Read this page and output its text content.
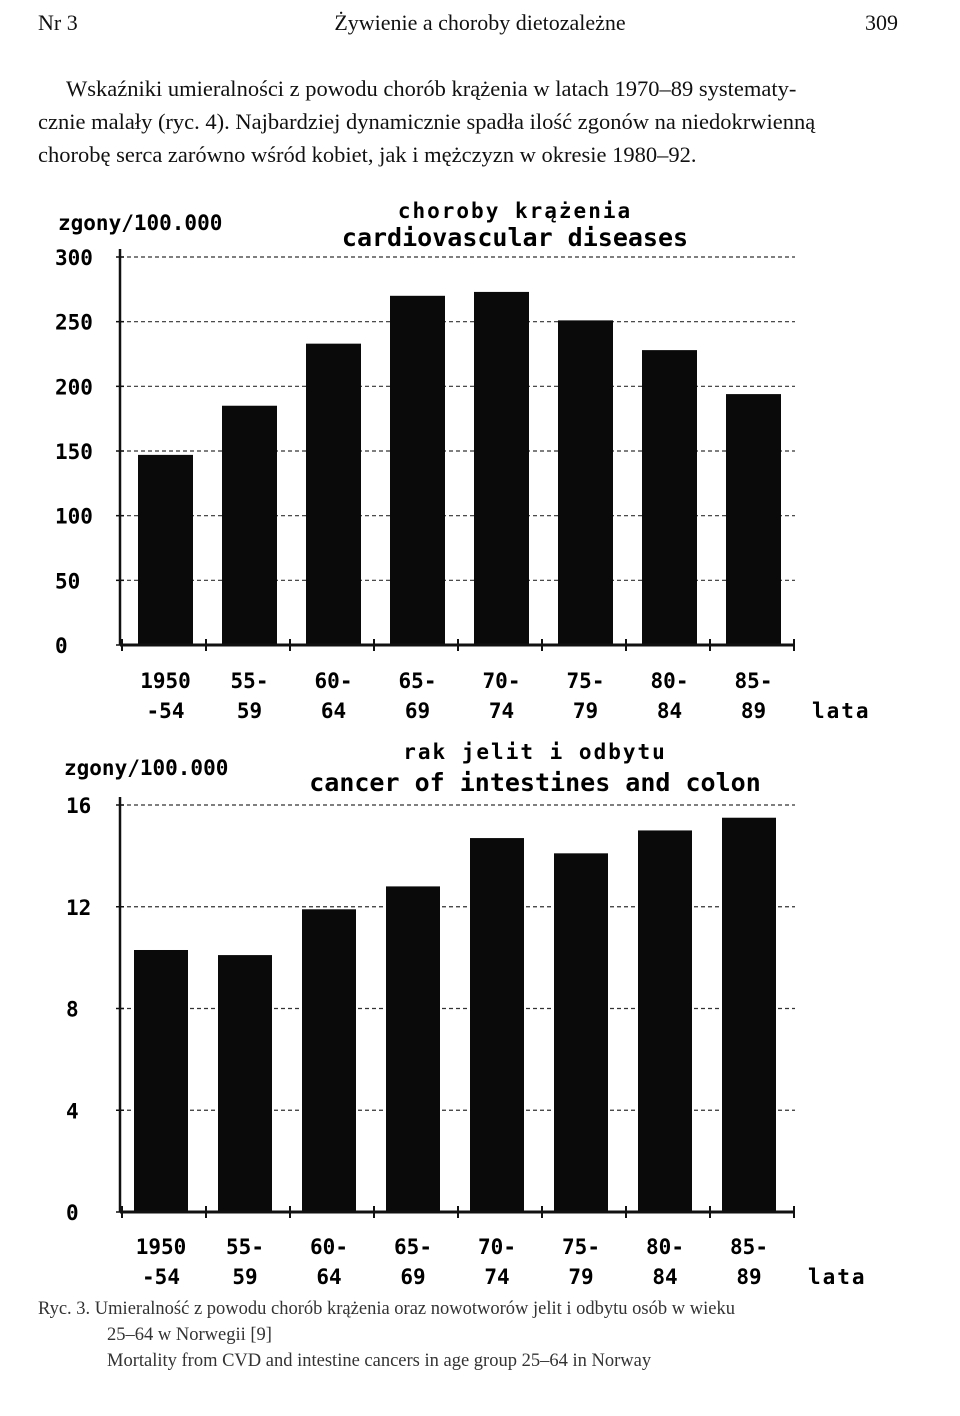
Nr 3	Żywienie a choroby dietozależne	309
Wskaźniki umieralności z powodu chorób krążenia w latach 1970–89 systematy-
cznie malały (ryc. 4). Najbardziej dynamicznie spadła ilość zgonów na niedokrwienną
chorobę serca zarówno wśród kobiet, jak i mężczyzn w okresie 1980–92.
choroby krążenia
cardiovascular diseases
zgony/100.000
0
50
100
150
200
250
300
1950
-54
55-
59
60-
64
65-
69
70-
74
75-
79
80-
84
85-
89 lata
rak jelit i odbytu
cancer of intestines and colon
zgony/100.000
0
4
8
12
16
1950
-54
55-
59
60-
64
65-
69
70-
74
75-
79
80-
84
85-
89 lata
Ryc. 3. Umieralność z powodu chorób krążenia oraz nowotworów jelit i odbytu osób w wieku
25–64 w Norwegii [9]
Mortality from CVD and intestine cancers in age group 25–64 in Norway
